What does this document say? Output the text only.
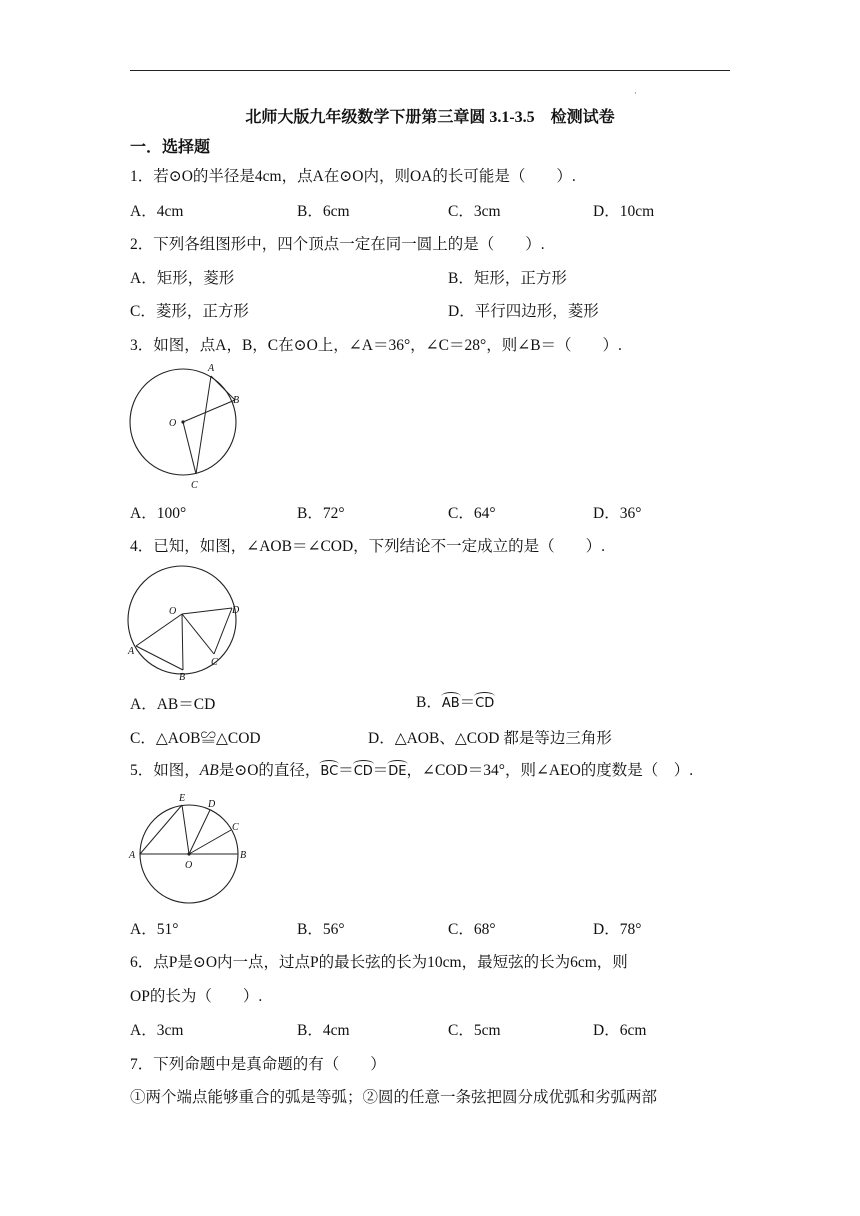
·
北师大版九年级数学下册第三章圆 3.1-3.5　检测试卷
一．选择题
1．若⊙O的半径是4cm，点A在⊙O内，则OA的长可能是（　　）.
A．4cm	B．6cm	C．3cm	D．10cm
2．下列各组图形中，四个顶点一定在同一圆上的是（　　）.
A．矩形，菱形	B．矩形，正方形
C．菱形，正方形	D．平行四边形，菱形
3．如图，点A，B，C在⊙O上，∠A＝36°，∠C＝28°，则∠B＝（　　）.
A
B
O
C
A．100°	B．72°	C．64°	D．36°
4．已知，如图，∠AOB＝∠COD，下列结论不一定成立的是（　　）.
O	D
A
B
C
A．AB＝CD	B．AB＝CD
C．△AOB≌△COD	D．△AOB、△COD 都是等边三角形
5．如图，AB是⊙O的直径，BC＝CD＝DE，∠COD＝34°，则∠AEO的度数是（　）.
E
D
C
A
O
B
A．51°	B．56°	C．68°	D．78°
6．点P是⊙O内一点，过点P的最长弦的长为10cm，最短弦的长为6cm，则
OP的长为（　　）.
A．3cm	B．4cm	C．5cm	D．6cm
7．下列命题中是真命题的有（　　）
①两个端点能够重合的弧是等弧；②圆的任意一条弦把圆分成优弧和劣弧两部
